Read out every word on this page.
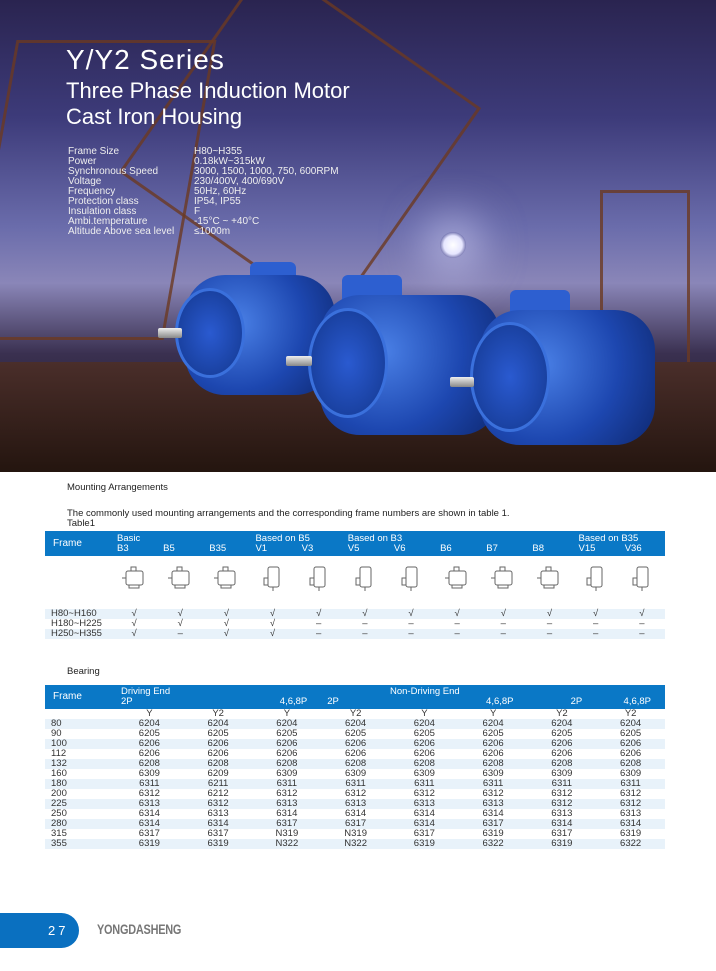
Y/Y2 Series
Three Phase Induction Motor
Cast Iron Housing
Frame Size	H80~H355
Power	0.18kW~315kW
Synchronous Speed	3000, 1500, 1000, 750, 600RPM
Voltage	230/400V, 400/690V
Frequency	50Hz, 60Hz
Protection class	IP54, IP55
Insulation class	F
Ambi.temperature	-15°C ~ +40°C
Altitude Above sea level	≤1000m
Mounting Arrangements
The commonly used mounting arrangements and the corresponding frame numbers are shown in table 1.
Table1
Frame	Basic			Based on B5		Based on B3					Based on B35	
	B3	B5	B35	V1	V3	V5	V6	B6	B7	B8	V15	V36

H80~H160	√	√	√	√	√	√	√	√	√	√	√	√
H180~H225	√	√	√	√	–	–	–	–	–	–	–	–
H250~H355	√	–	√	√	–	–	–	–	–	–	–	–
Bearing
Frame	Driving End				Non-Driving End			
	2P	4,6,8P		2P		4,6,8P	2P	4,6,8P
	Y	Y2	Y	Y2	Y	Y	Y2	Y2
80	6204	6204	6204	6204	6204	6204	6204	6204
90	6205	6205	6205	6205	6205	6205	6205	6205
100	6206	6206	6206	6206	6206	6206	6206	6206
112	6206	6206	6206	6206	6206	6206	6206	6206
132	6208	6208	6208	6208	6208	6208	6208	6208
160	6309	6209	6309	6309	6309	6309	6309	6309
180	6311	6211	6311	6311	6311	6311	6311	6311
200	6312	6212	6312	6312	6312	6312	6312	6312
225	6313	6312	6313	6313	6313	6313	6312	6312
250	6314	6313	6314	6314	6314	6314	6313	6313
280	6314	6314	6317	6317	6314	6317	6314	6314
315	6317	6317	N319	N319	6317	6319	6317	6319
355	6319	6319	N322	N322	6319	6322	6319	6322
27	YONGDASHENG
